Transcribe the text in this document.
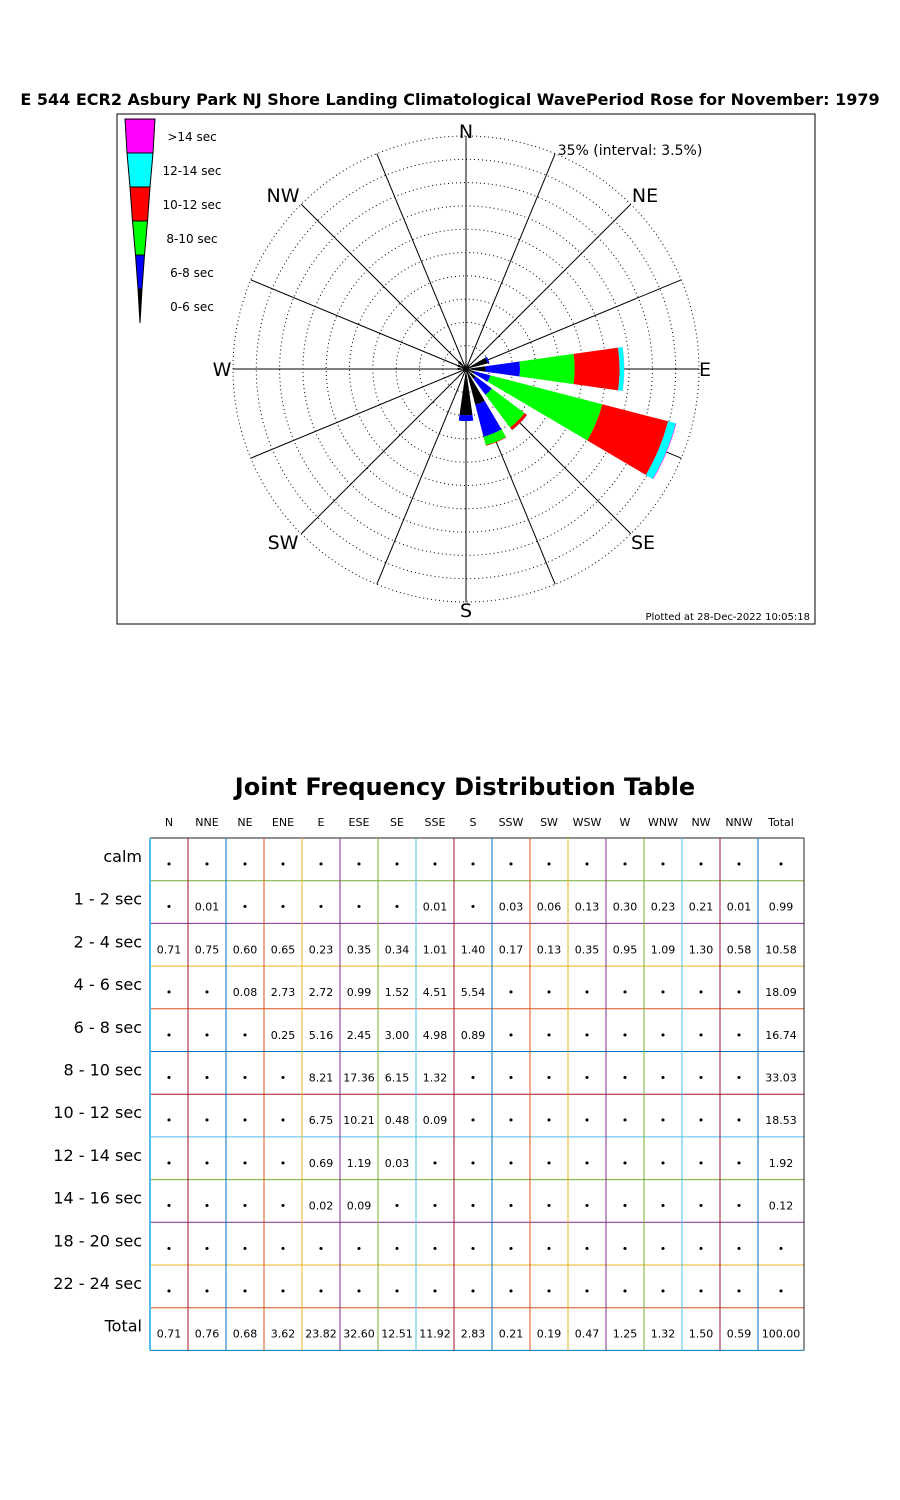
E 544 ECR2 Asbury Park NJ Shore Landing Climatological WavePeriod Rose for November: 1979
N
NE
E
SE
S
SW
W
NW
35% (interval: 3.5%)
Plotted at 28-Dec-2022 10:05:18
>14 sec
12-14 sec
10-12 sec
8-10 sec
6-8 sec
0-6 sec
Joint Frequency Distribution Table
N NNE NE ENE E ESE SE SSE S SSW SW WSW W WNW NW NNW Total
calm •	•	•	•	•	•	•	•	•	•	•	•	•	•	•	•	•
1 - 2 sec • 0.01 •	•	•	•	• 0.01 • 0.03 0.06 0.13 0.30 0.23 0.21 0.01 0.99
2 - 4 sec 0.71 0.75 0.60 0.65 0.23 0.35 0.34 1.01 1.40 0.17 0.13 0.35 0.95 1.09 1.30 0.58 10.58
4 - 6 sec •	• 0.08 2.73 2.72 0.99 1.52 4.51 5.54 •	•	•	•	•	•	• 18.09
6 - 8 sec •	•	• 0.25 5.16 2.45 3.00 4.98 0.89 •	•	•	•	•	•	• 16.74
8 - 10 sec •	•	•	• 8.21 17.36 6.15 1.32 •	•	•	•	•	•	•	• 33.03
10 - 12 sec •	•	•	• 6.75 10.21 0.48 0.09 •	•	•	•	•	•	•	• 18.53
12 - 14 sec •	•	•	• 0.69 1.19 0.03 •	•	•	•	•	•	•	•	• 1.92
14 - 16 sec •	•	•	• 0.02 0.09 •	•	•	•	•	•	•	•	•	• 0.12
18 - 20 sec •	•	•	•	•	•	•	•	•	•	•	•	•	•	•	•	•
22 - 24 sec •	•	•	•	•	•	•	•	•	•	•	•	•	•	•	•	•
Total 0.71 0.76 0.68 3.62 23.82 32.60 12.51 11.92 2.83 0.21 0.19 0.47 1.25 1.32 1.50 0.59 100.00
